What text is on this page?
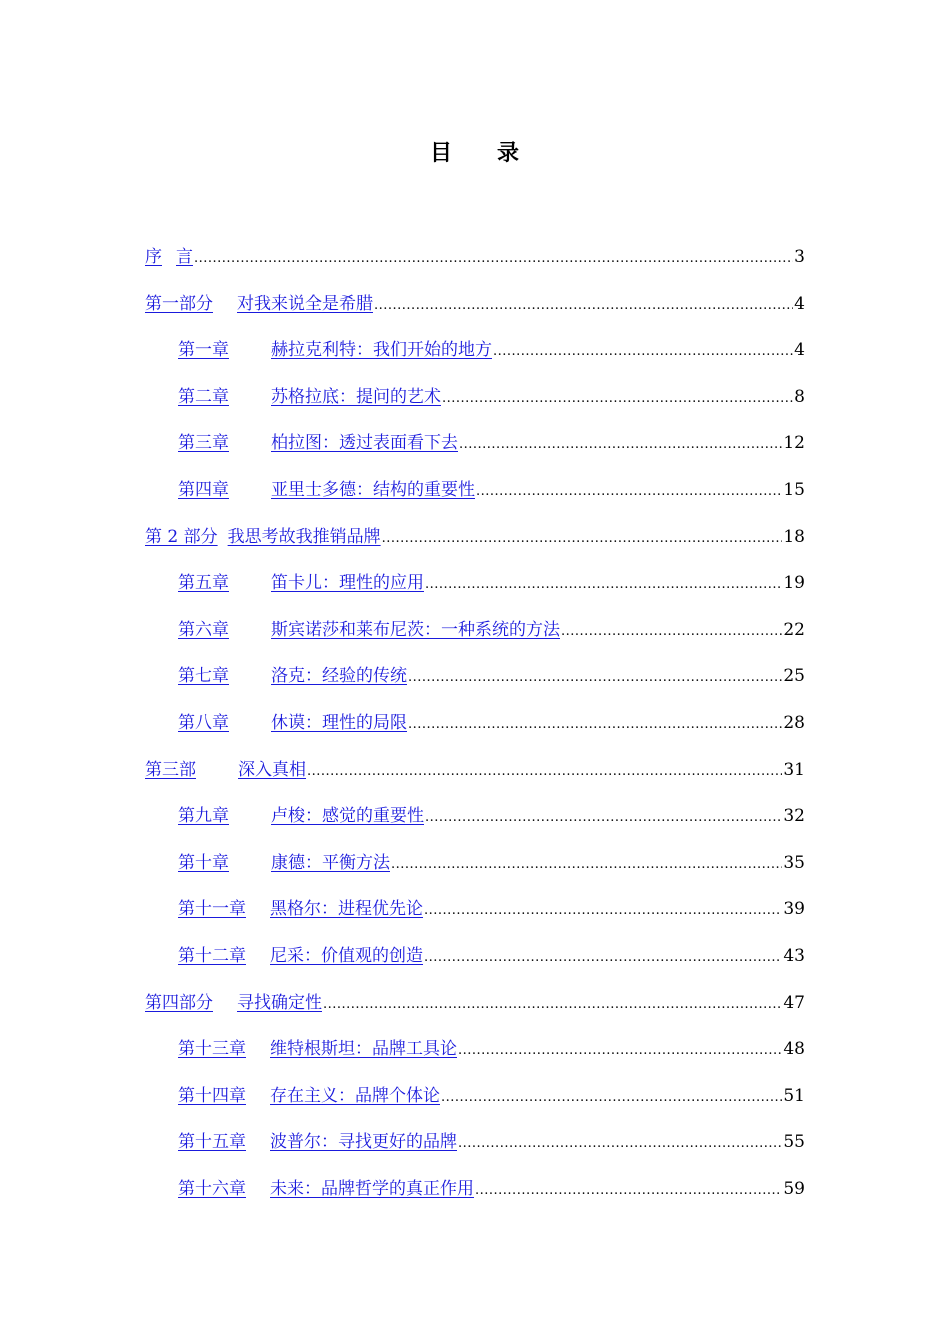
目 录
序 言 .....	3
第一部分 对我来说全是希腊 .....	4
第一章 赫拉克利特：我们开始的地方 .....	4
第二章 苏格拉底：提问的艺术 .....	8
第三章 柏拉图：透过表面看下去 .....	12
第四章 亚里士多德：结构的重要性 .....	15
第 2 部分 我思考故我推销品牌 .....	18
第五章 笛卡儿：理性的应用 .....	19
第六章 斯宾诺莎和莱布尼茨：一种系统的方法 .....	22
第七章 洛克：经验的传统 .....	25
第八章 休谟：理性的局限 .....	28
第三部 深入真相 .....	31
第九章 卢梭：感觉的重要性 .....	32
第十章 康德：平衡方法 .....	35
第十一章 黑格尔：进程优先论 .....	39
第十二章 尼采：价值观的创造 .....	43
第四部分 寻找确定性 .....	47
第十三章 维特根斯坦：品牌工具论 .....	48
第十四章 存在主义：品牌个体论 .....	51
第十五章 波普尔：寻找更好的品牌 .....	55
第十六章 未来：品牌哲学的真正作用 .....	59
